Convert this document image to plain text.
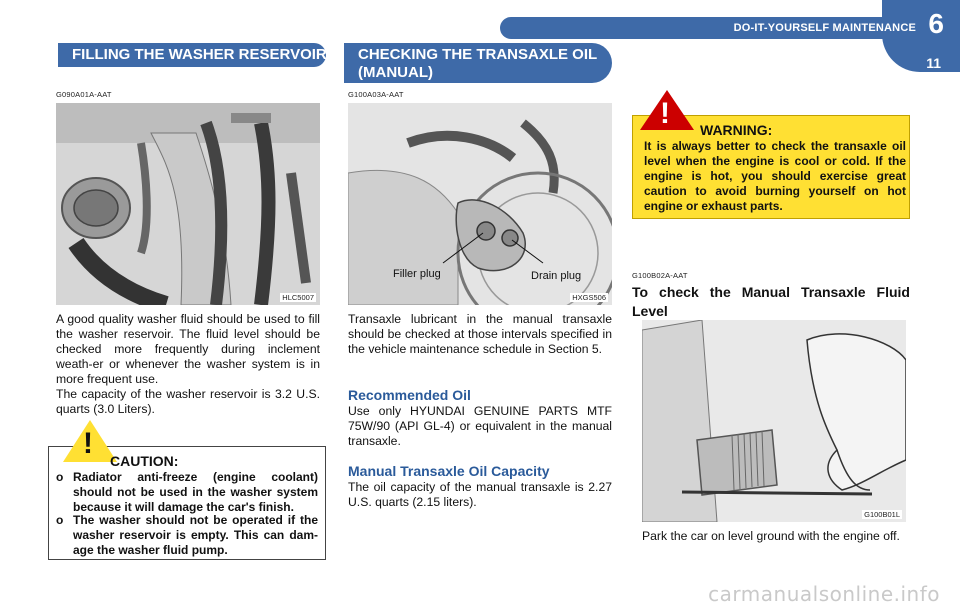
DO-IT-YOURSELF MAINTENANCE 6
11
FILLING THE WASHER RESERVOIR
G090A01A-AAT
HLC5007
A good quality washer fluid should be used to fill the washer reservoir. The fluid level should be checked more frequently during inclement weath-er or whenever the washer system is in more frequent use.
The capacity of the washer reservoir is 3.2 U.S. quarts (3.0 Liters).
!
CAUTION:
o Radiator anti-freeze (engine coolant) should not be used in the washer system because it will damage the car's finish.
o The washer should not be operated if the washer reservoir is empty. This can dam-age the washer fluid pump.
CHECKING THE TRANSAXLE OIL
(MANUAL)
G100A03A-AAT
Filler plug	Drain plug
HXGS506
Transaxle lubricant in the manual transaxle should be checked at those intervals specified in the vehicle maintenance schedule in Section 5.
Recommended Oil
Use only HYUNDAI GENUINE PARTS MTF 75W/90 (API GL-4) or equivalent in the manual transaxle.
Manual Transaxle Oil Capacity
The oil capacity of the manual transaxle is 2.27 U.S. quarts (2.15 liters).
! WARNING:
It is always better to check the transaxle oil level when the engine is cool or cold. If the engine is hot, you should exercise great caution to avoid burning yourself on hot engine or exhaust parts.
G100B02A-AAT
To check the Manual Transaxle Fluid
Level
G100B01L
Park the car on level ground with the engine off.
carmanualsonline.info
